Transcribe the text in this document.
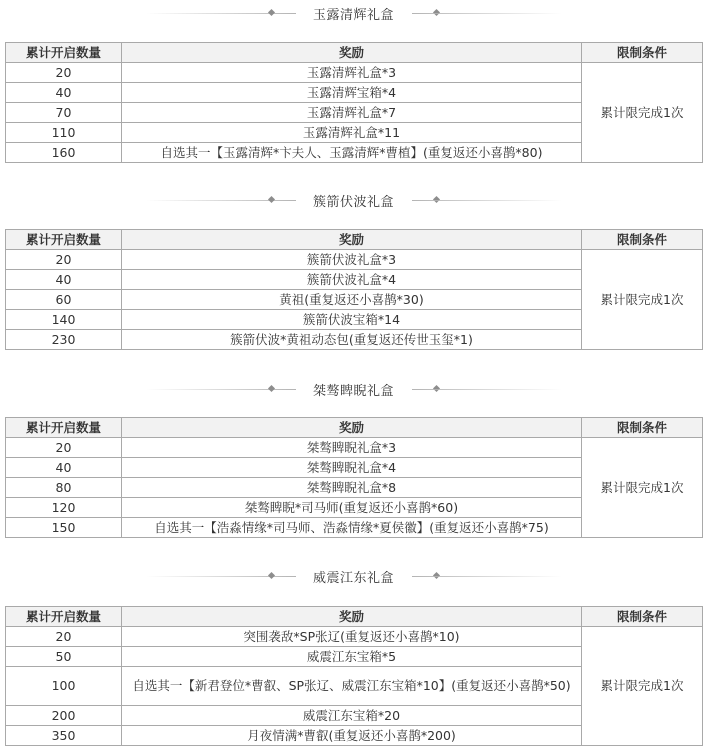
玉露清辉礼盒
累计开启数量	奖励	限制条件
20	玉露清辉礼盒*3	累计限完成1次
40	玉露清辉宝箱*4	
70	玉露清辉礼盒*7	
110	玉露清辉礼盒*11	
160	自选其一【玉露清辉*卞夫人、玉露清辉*曹植】(重复返还小喜鹊*80)	
簇箭伏波礼盒
累计开启数量	奖励	限制条件
20	簇箭伏波礼盒*3	累计限完成1次
40	簇箭伏波礼盒*4	
60	黄祖(重复返还小喜鹊*30)	
140	簇箭伏波宝箱*14	
230	簇箭伏波*黄祖动态包(重复返还传世玉玺*1)	
桀骜睥睨礼盒
累计开启数量	奖励	限制条件
20	桀骜睥睨礼盒*3	累计限完成1次
40	桀骜睥睨礼盒*4	
80	桀骜睥睨礼盒*8	
120	桀骜睥睨*司马师(重复返还小喜鹊*60)	
150	自选其一【浩淼情缘*司马师、浩淼情缘*夏侯徽】(重复返还小喜鹊*75)	
威震江东礼盒
累计开启数量	奖励	限制条件
20	突围袭敌*SP张辽(重复返还小喜鹊*10)	累计限完成1次
50	威震江东宝箱*5	
100	自选其一【新君登位*曹叡、SP张辽、威震江东宝箱*10】(重复返还小喜鹊*50)	
200	威震江东宝箱*20	
350	月夜情满*曹叡(重复返还小喜鹊*200)	
